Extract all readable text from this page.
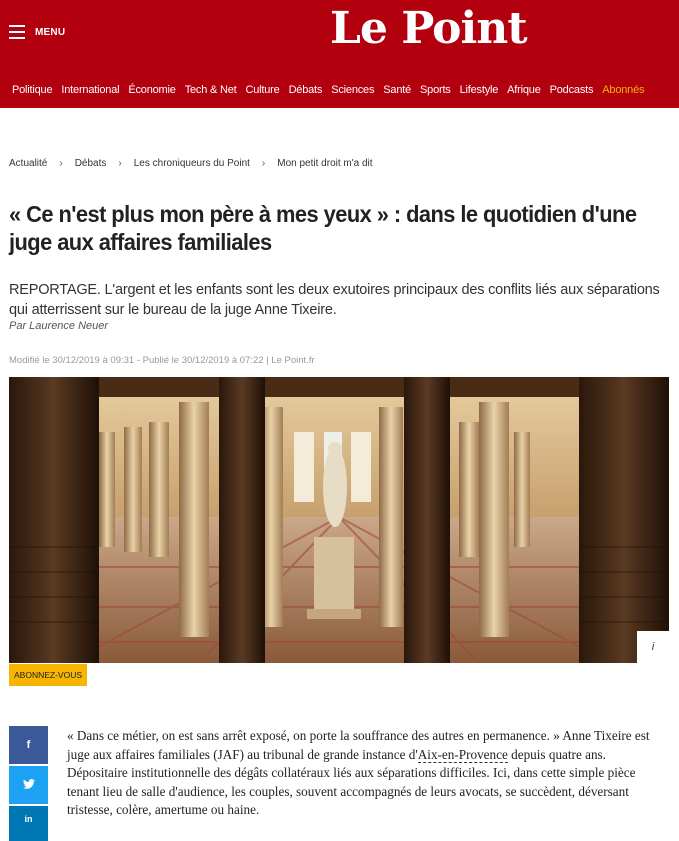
MENU	Le Point
Politique International Économie Tech & Net Culture Débats Sciences Santé Sports Lifestyle Afrique Podcasts Abonnés
Actualité › Débats › Les chroniqueurs du Point › Mon petit droit m'a dit
« Ce n'est plus mon père à mes yeux » : dans le quotidien d'une juge aux affaires familiales

REPORTAGE. L'argent et les enfants sont les deux exutoires principaux des conflits liés aux séparations qui atterrissent sur le bureau de la juge Anne Tixeire.

Par Laurence Neuer

Modifié le 30/12/2019 à 09:31 - Publié le 30/12/2019 à 07:22 | Le Point.fr

i
ABONNEZ-VOUS
f
in

« Dans ce métier, on est sans arrêt exposé, on porte la souffrance des autres en permanence. » Anne Tixeire est juge aux affaires familiales (JAF) au tribunal de grande instance d'Aix-en-Provence depuis quatre ans. Dépositaire institutionnelle des dégâts collatéraux liés aux séparations difficiles. Ici, dans cette simple pièce tenant lieu de salle d'audience, les couples, souvent accompagnés de leurs avocats, se succèdent, déversant tristesse, colère, amertume ou haine.
